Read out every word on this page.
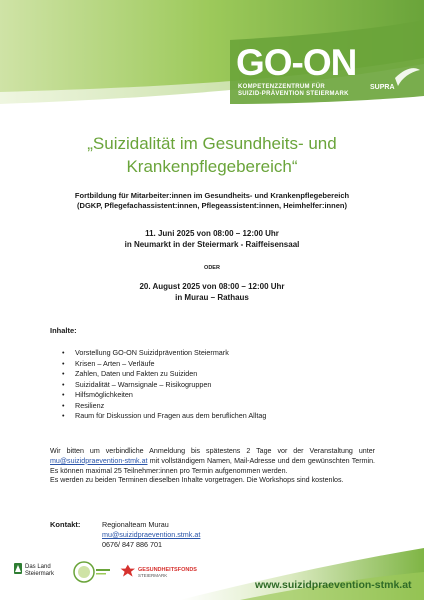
GO-ON
KOMPETENZZENTRUM FÜR
SUIZID-PRÄVENTION STEIERMARK
SUPRA
„Suizidalität im Gesundheits- und
Krankenpflegebereich“
Fortbildung für Mitarbeiter:innen im Gesundheits- und Krankenpflegebereich
(DGKP, Pflegefachassistent:innen, Pflegeassistent:innen, Heimhelfer:innen)
11. Juni 2025 von 08:00 – 12:00 Uhr
in Neumarkt in der Steiermark - Raiffeisensaal
ODER
20. August 2025 von 08:00 – 12:00 Uhr
in Murau – Rathaus
Inhalte:
• Vorstellung GO-ON Suizidprävention Steiermark
• Krisen – Arten – Verläufe
• Zahlen, Daten und Fakten zu Suiziden
• Suizidalität – Warnsignale – Risikogruppen
• Hilfsmöglichkeiten
• Resilienz
• Raum für Diskussion und Fragen aus dem beruflichen Alltag
Wir bitten um verbindliche Anmeldung bis spätestens 2 Tage vor der Veranstaltung unter mu@suizidpraevention-stmk.at mit vollständigem Namen, Mail-Adresse und dem gewünschten Termin. Es können maximal 25 Teilnehmer:innen pro Termin aufgenommen werden.
Es werden zu beiden Terminen dieselben Inhalte vorgetragen. Die Workshops sind kostenlos.
Kontakt:	Regionalteam Murau
mu@suizidpraevention.stmk.at
0676/ 847 886 701
Das Land
Steiermark
GESUNDHEITSFONDS
STEIERMARK
www.suizidpraevention-stmk.at
